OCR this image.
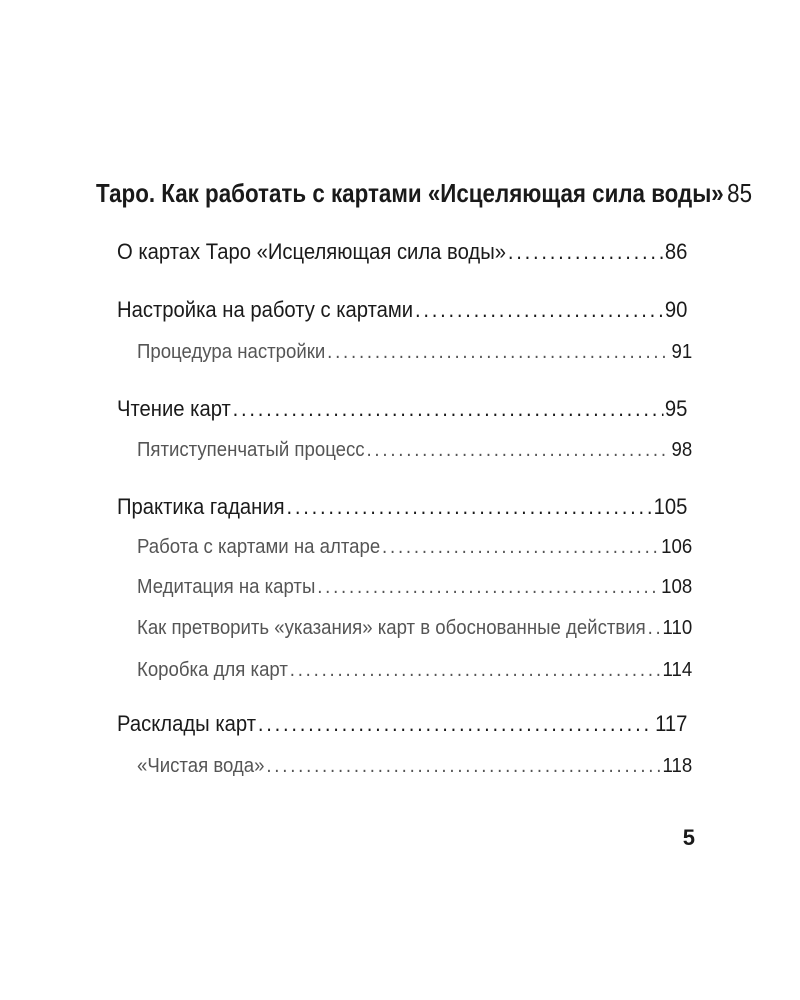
Таро. Как работать с картами «Исцеляющая сила воды» 85
О картах Таро «Исцеляющая сила воды» .....	86
Настройка на работу с картами .....	90
Процедура настройки .....	91
Чтение карт .....	95
Пятиступенчатый процесс .....	98
Практика гадания .....	105
Работа с картами на алтаре .....	106
Медитация на карты .....	108
Как претворить «указания» карт в обоснованные действия ..... 110
Коробка для карт .....	114
Расклады карт .....	117
«Чистая вода» .....	118
5
